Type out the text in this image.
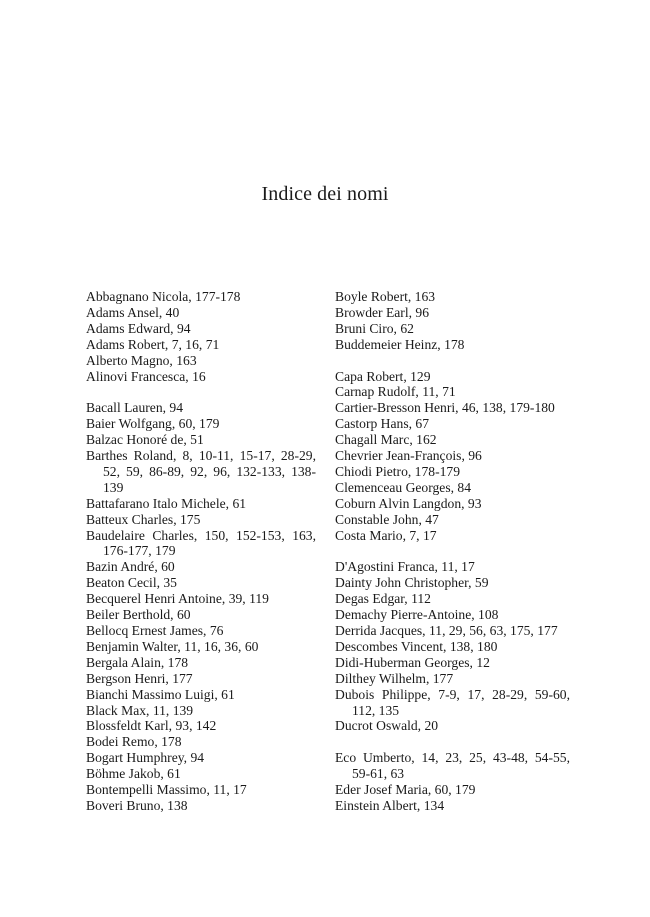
Indice dei nomi
Abbagnano Nicola, 177-178
Adams Ansel, 40
Adams Edward, 94
Adams Robert, 7, 16, 71
Alberto Magno, 163
Alinovi Francesca, 16
Bacall Lauren, 94
Baier Wolfgang, 60, 179
Balzac Honoré de, 51
Barthes Roland, 8, 10-11, 15-17, 28-29, 52, 59, 86-89, 92, 96, 132-133, 138-139
Battafarano Italo Michele, 61
Batteux Charles, 175
Baudelaire Charles, 150, 152-153, 163, 176-177, 179
Bazin André, 60
Beaton Cecil, 35
Becquerel Henri Antoine, 39, 119
Beiler Berthold, 60
Bellocq Ernest James, 76
Benjamin Walter, 11, 16, 36, 60
Bergala Alain, 178
Bergson Henri, 177
Bianchi Massimo Luigi, 61
Black Max, 11, 139
Blossfeldt Karl, 93, 142
Bodei Remo, 178
Bogart Humphrey, 94
Böhme Jakob, 61
Bontempelli Massimo, 11, 17
Boveri Bruno, 138
Boyle Robert, 163
Browder Earl, 96
Bruni Ciro, 62
Buddemeier Heinz, 178
Capa Robert, 129
Carnap Rudolf, 11, 71
Cartier-Bresson Henri, 46, 138, 179-180
Castorp Hans, 67
Chagall Marc, 162
Chevrier Jean-François, 96
Chiodi Pietro, 178-179
Clemenceau Georges, 84
Coburn Alvin Langdon, 93
Constable John, 47
Costa Mario, 7, 17
D'Agostini Franca, 11, 17
Dainty John Christopher, 59
Degas Edgar, 112
Demachy Pierre-Antoine, 108
Derrida Jacques, 11, 29, 56, 63, 175, 177
Descombes Vincent, 138, 180
Didi-Huberman Georges, 12
Dilthey Wilhelm, 177
Dubois Philippe, 7-9, 17, 28-29, 59-60, 112, 135
Ducrot Oswald, 20
Eco Umberto, 14, 23, 25, 43-48, 54-55, 59-61, 63
Eder Josef Maria, 60, 179
Einstein Albert, 134
